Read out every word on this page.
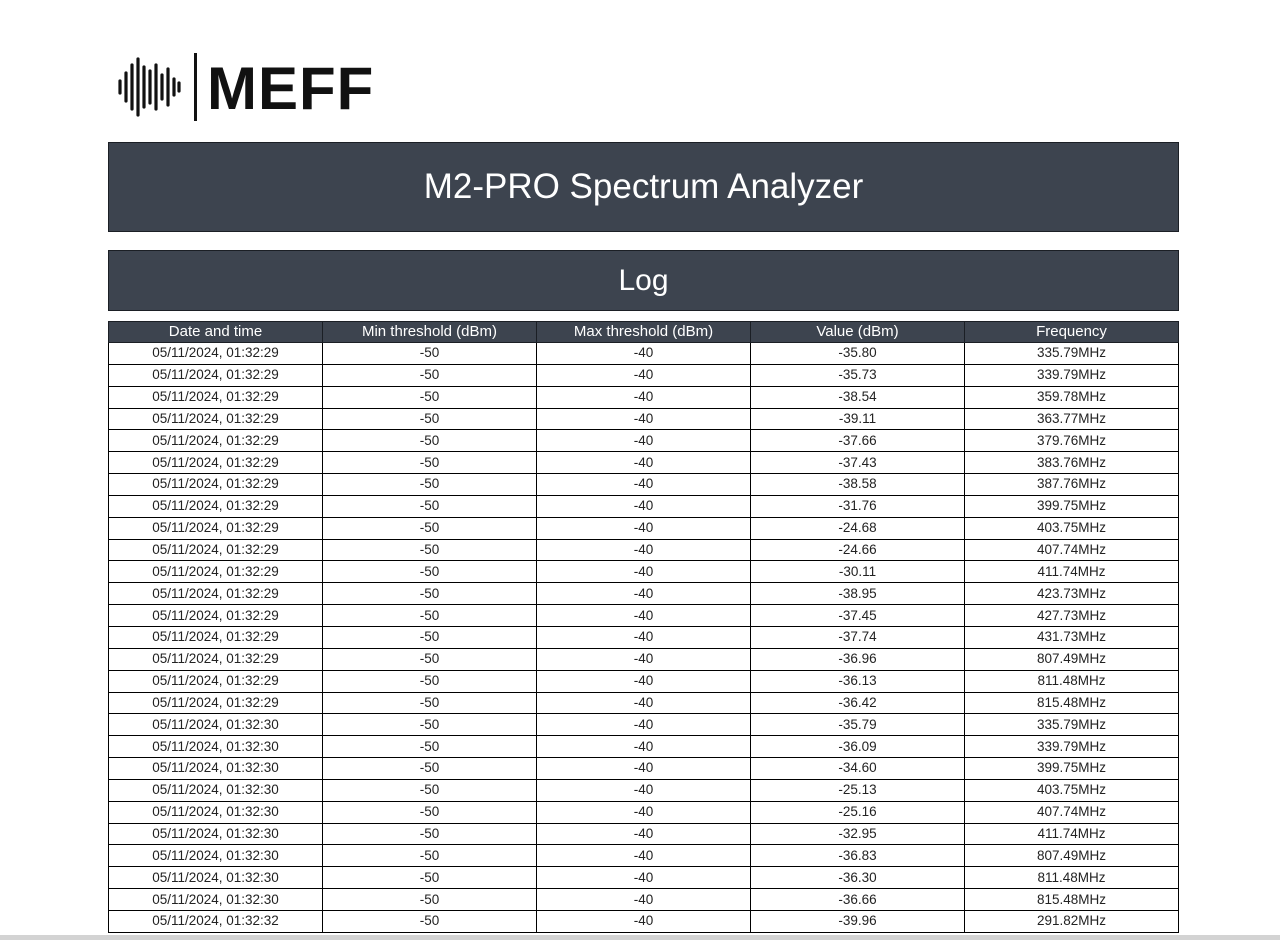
MEFF
M2-PRO Spectrum Analyzer
Log
Date and time	Min threshold (dBm)	Max threshold (dBm)	Value (dBm)	Frequency
05/11/2024, 01:32:29	-50	-40	-35.80	335.79MHz
05/11/2024, 01:32:29	-50	-40	-35.73	339.79MHz
05/11/2024, 01:32:29	-50	-40	-38.54	359.78MHz
05/11/2024, 01:32:29	-50	-40	-39.11	363.77MHz
05/11/2024, 01:32:29	-50	-40	-37.66	379.76MHz
05/11/2024, 01:32:29	-50	-40	-37.43	383.76MHz
05/11/2024, 01:32:29	-50	-40	-38.58	387.76MHz
05/11/2024, 01:32:29	-50	-40	-31.76	399.75MHz
05/11/2024, 01:32:29	-50	-40	-24.68	403.75MHz
05/11/2024, 01:32:29	-50	-40	-24.66	407.74MHz
05/11/2024, 01:32:29	-50	-40	-30.11	411.74MHz
05/11/2024, 01:32:29	-50	-40	-38.95	423.73MHz
05/11/2024, 01:32:29	-50	-40	-37.45	427.73MHz
05/11/2024, 01:32:29	-50	-40	-37.74	431.73MHz
05/11/2024, 01:32:29	-50	-40	-36.96	807.49MHz
05/11/2024, 01:32:29	-50	-40	-36.13	811.48MHz
05/11/2024, 01:32:29	-50	-40	-36.42	815.48MHz
05/11/2024, 01:32:30	-50	-40	-35.79	335.79MHz
05/11/2024, 01:32:30	-50	-40	-36.09	339.79MHz
05/11/2024, 01:32:30	-50	-40	-34.60	399.75MHz
05/11/2024, 01:32:30	-50	-40	-25.13	403.75MHz
05/11/2024, 01:32:30	-50	-40	-25.16	407.74MHz
05/11/2024, 01:32:30	-50	-40	-32.95	411.74MHz
05/11/2024, 01:32:30	-50	-40	-36.83	807.49MHz
05/11/2024, 01:32:30	-50	-40	-36.30	811.48MHz
05/11/2024, 01:32:30	-50	-40	-36.66	815.48MHz
05/11/2024, 01:32:32	-50	-40	-39.96	291.82MHz
